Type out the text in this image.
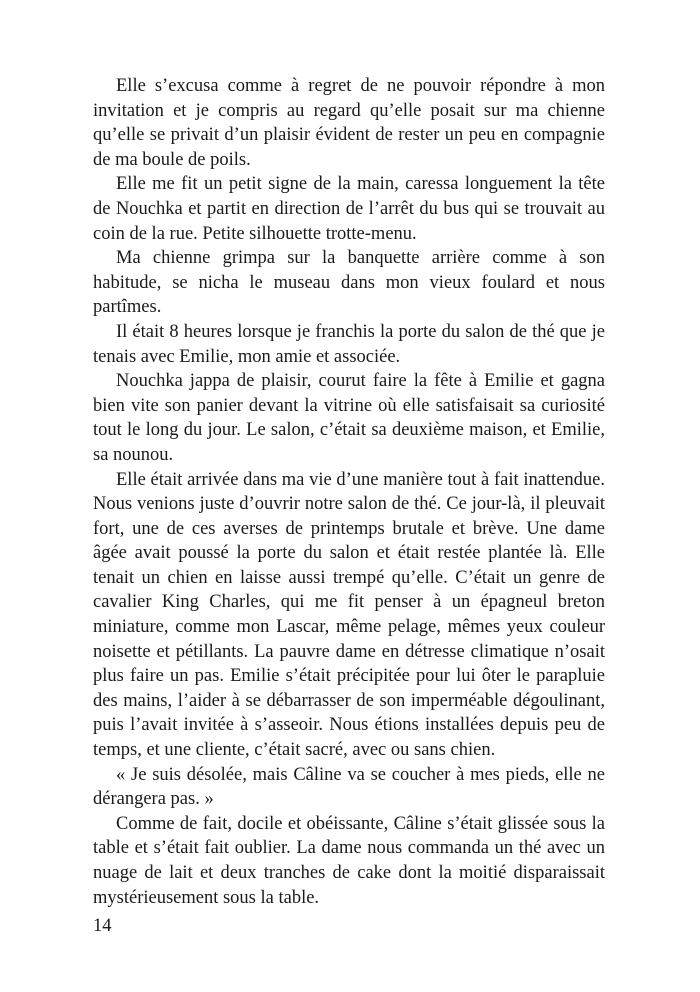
Elle s’excusa comme à regret de ne pouvoir répondre à mon invitation et je compris au regard qu’elle posait sur ma chienne qu’elle se privait d’un plaisir évident de rester un peu en compagnie de ma boule de poils.

Elle me fit un petit signe de la main, caressa longuement la tête de Nouchka et partit en direction de l’arrêt du bus qui se trouvait au coin de la rue. Petite silhouette trotte-menu.

Ma chienne grimpa sur la banquette arrière comme à son habitude, se nicha le museau dans mon vieux foulard et nous partîmes.

Il était 8 heures lorsque je franchis la porte du salon de thé que je tenais avec Emilie, mon amie et associée.

Nouchka jappa de plaisir, courut faire la fête à Emilie et gagna bien vite son panier devant la vitrine où elle satisfaisait sa curiosité tout le long du jour. Le salon, c’était sa deuxième maison, et Emilie, sa nounou.

Elle était arrivée dans ma vie d’une manière tout à fait inattendue. Nous venions juste d’ouvrir notre salon de thé. Ce jour-là, il pleuvait fort, une de ces averses de printemps brutale et brève. Une dame âgée avait poussé la porte du salon et était restée plantée là. Elle tenait un chien en laisse aussi trempé qu’elle. C’était un genre de cavalier King Charles, qui me fit penser à un épagneul breton miniature, comme mon Lascar, même pelage, mêmes yeux couleur noisette et pétillants. La pauvre dame en détresse climatique n’osait plus faire un pas. Emilie s’était précipitée pour lui ôter le parapluie des mains, l’aider à se débarrasser de son imperméable dégoulinant, puis l’avait invitée à s’asseoir. Nous étions installées depuis peu de temps, et une cliente, c’était sacré, avec ou sans chien.

« Je suis désolée, mais Câline va se coucher à mes pieds, elle ne dérangera pas. »

Comme de fait, docile et obéissante, Câline s’était glissée sous la table et s’était fait oublier. La dame nous commanda un thé avec un nuage de lait et deux tranches de cake dont la moitié disparaissait mystérieusement sous la table.

14
